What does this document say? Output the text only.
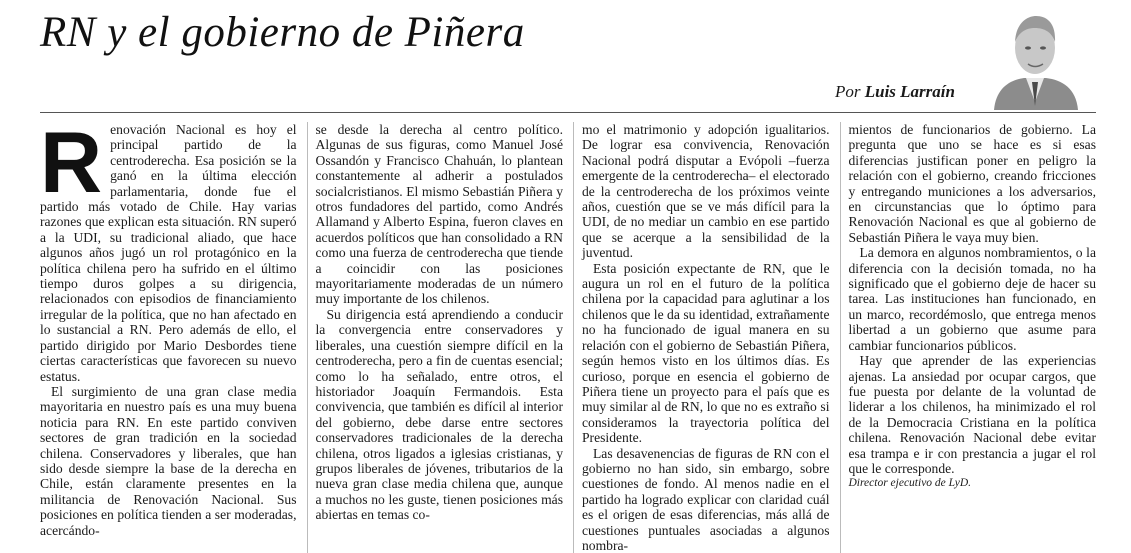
RN y el gobierno de Piñera
Por Luis Larraín

Renovación Nacional es hoy el principal partido de la centroderecha. Esa posición se la ganó en la última elección parlamentaria, donde fue el partido más votado de Chile. Hay varias razones que explican esta situación. RN superó a la UDI, su tradicional aliado, que hace algunos años jugó un rol protagónico en la política chilena pero ha sufrido en el último tiempo duros golpes a su dirigencia, relacionados con episodios de financiamiento irregular de la política, que no han afectado en lo sustancial a RN. Pero además de ello, el partido dirigido por Mario Desbordes tiene ciertas características que favorecen su nuevo estatus.

El surgimiento de una gran clase media mayoritaria en nuestro país es una muy buena noticia para RN. En este partido conviven sectores de gran tradición en la sociedad chilena. Conservadores y liberales, que han sido desde siempre la base de la derecha en Chile, están claramente presentes en la militancia de Renovación Nacional. Sus posiciones en política tienden a ser moderadas, acercándo-

se desde la derecha al centro político. Algunas de sus figuras, como Manuel José Ossandón y Francisco Chahuán, lo plantean constantemente al adherir a postulados socialcristianos. El mismo Sebastián Piñera y otros fundadores del partido, como Andrés Allamand y Alberto Espina, fueron claves en acuerdos políticos que han consolidado a RN como una fuerza de centroderecha que tiende a coincidir con las posiciones mayoritariamente moderadas de un número muy importante de los chilenos.

Su dirigencia está aprendiendo a conducir la convergencia entre conservadores y liberales, una cuestión siempre difícil en la centroderecha, pero a fin de cuentas esencial; como lo ha señalado, entre otros, el historiador Joaquín Fermandois. Esta convivencia, que también es difícil al interior del gobierno, debe darse entre sectores conservadores tradicionales de la derecha chilena, otros ligados a iglesias cristianas, y grupos liberales de jóvenes, tributarios de la nueva gran clase media chilena que, aunque a muchos no les guste, tienen posiciones más abiertas en temas co-

mo el matrimonio y adopción igualitarios. De lograr esa convivencia, Renovación Nacional podrá disputar a Evópoli –fuerza emergente de la centroderecha– el electorado de la centroderecha de los próximos veinte años, cuestión que se ve más difícil para la UDI, de no mediar un cambio en ese partido que se acerque a la sensibilidad de la juventud.

Esta posición expectante de RN, que le augura un rol en el futuro de la política chilena por la capacidad para aglutinar a los chilenos que le da su identidad, extrañamente no ha funcionado de igual manera en su relación con el gobierno de Sebastián Piñera, según hemos visto en los últimos días. Es curioso, porque en esencia el gobierno de Piñera tiene un proyecto para el país que es muy similar al de RN, lo que no es extraño si consideramos la trayectoria política del Presidente.

Las desavenencias de figuras de RN con el gobierno no han sido, sin embargo, sobre cuestiones de fondo. Al menos nadie en el partido ha logrado explicar con claridad cuál es el origen de esas diferencias, más allá de cuestiones puntuales asociadas a algunos nombra-

mientos de funcionarios de gobierno. La pregunta que uno se hace es si esas diferencias justifican poner en peligro la relación con el gobierno, creando fricciones y entregando municiones a los adversarios, en circunstancias que lo óptimo para Renovación Nacional es que al gobierno de Sebastián Piñera le vaya muy bien.

La demora en algunos nombramientos, o la diferencia con la decisión tomada, no ha significado que el gobierno deje de hacer su tarea. Las instituciones han funcionado, en un marco, recordémoslo, que entrega menos libertad a un gobierno que asume para cambiar funcionarios públicos.

Hay que aprender de las experiencias ajenas. La ansiedad por ocupar cargos, que fue puesta por delante de la voluntad de liderar a los chilenos, ha minimizado el rol de la Democracia Cristiana en la política chilena. Renovación Nacional debe evitar esa trampa e ir con prestancia a jugar el rol que le corresponde.

Director ejecutivo de LyD.
